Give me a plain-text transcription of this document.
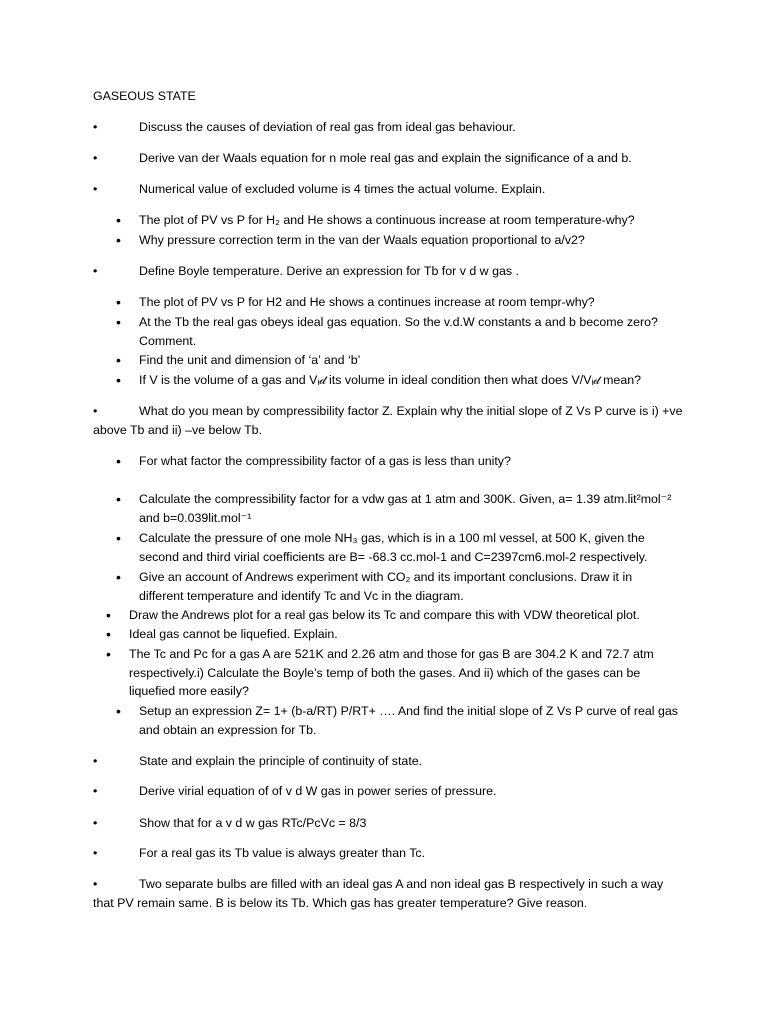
GASEOUS STATE
•	Discuss the causes of deviation of real gas from ideal gas behaviour.
•	Derive van der Waals equation for n mole real gas and explain the significance of a and b.
•	Numerical value of excluded volume is 4 times the actual volume. Explain.
• The plot of PV vs P for H₂ and He shows a continuous increase at room temperature-why?
• Why pressure correction term in the van der Waals equation proportional to a/v2?
•	Define Boyle temperature. Derive an expression for Tb for v d w gas .
• The plot of PV vs P for H2 and He shows a continues increase at room tempr-why?
• At the Tb the real gas obeys ideal gas equation. So the v.d.W constants a and b become zero? Comment.
• Find the unit and dimension of ‘a’ and ‘b’
• If V is the volume of a gas and Vᵢ𝒹 its volume in ideal condition then what does V/Vᵢ𝒹 mean?
•	What do you mean by compressibility factor Z. Explain why the initial slope of Z Vs P curve is i) +ve above Tb and ii) –ve below Tb.
• For what factor the compressibility factor of a gas is less than unity?
• Calculate the compressibility factor for a vdw gas at 1 atm and 300K. Given, a= 1.39 atm.lit²mol⁻² and b=0.039lit.mol⁻¹
• Calculate the pressure of one mole NH₃ gas, which is in a 100 ml vessel, at 500 K, given the second and third virial coefficients are B= -68.3 cc.mol-1 and C=2397cm6.mol-2 respectively.
• Give an account of Andrews experiment with CO₂ and its important conclusions. Draw it in different temperature and identify Tc and Vc in the diagram.
• Draw the Andrews plot for a real gas below its Tc and compare this with VDW theoretical plot.
• Ideal gas cannot be liquefied. Explain.
• The Tc and Pc for a gas A are 521K and 2.26 atm and those for gas B are 304.2 K and 72.7 atm respectively.i) Calculate the Boyle’s temp of both the gases. And ii) which of the gases can be liquefied more easily?
• Setup an expression Z= 1+ (b-a/RT) P/RT+ …. And find the initial slope of Z Vs P curve of real gas and obtain an expression for Tb.
•	State and explain the principle of continuity of state.
•	Derive virial equation of of v d W gas in power series of pressure.
•	Show that for a v d w gas RTc/PcVc = 8/3
•	For a real gas its Tb value is always greater than Tc.
•	Two separate bulbs are filled with an ideal gas A and non ideal gas B respectively in such a way that PV remain same. B is below its Tb. Which gas has greater temperature? Give reason.
